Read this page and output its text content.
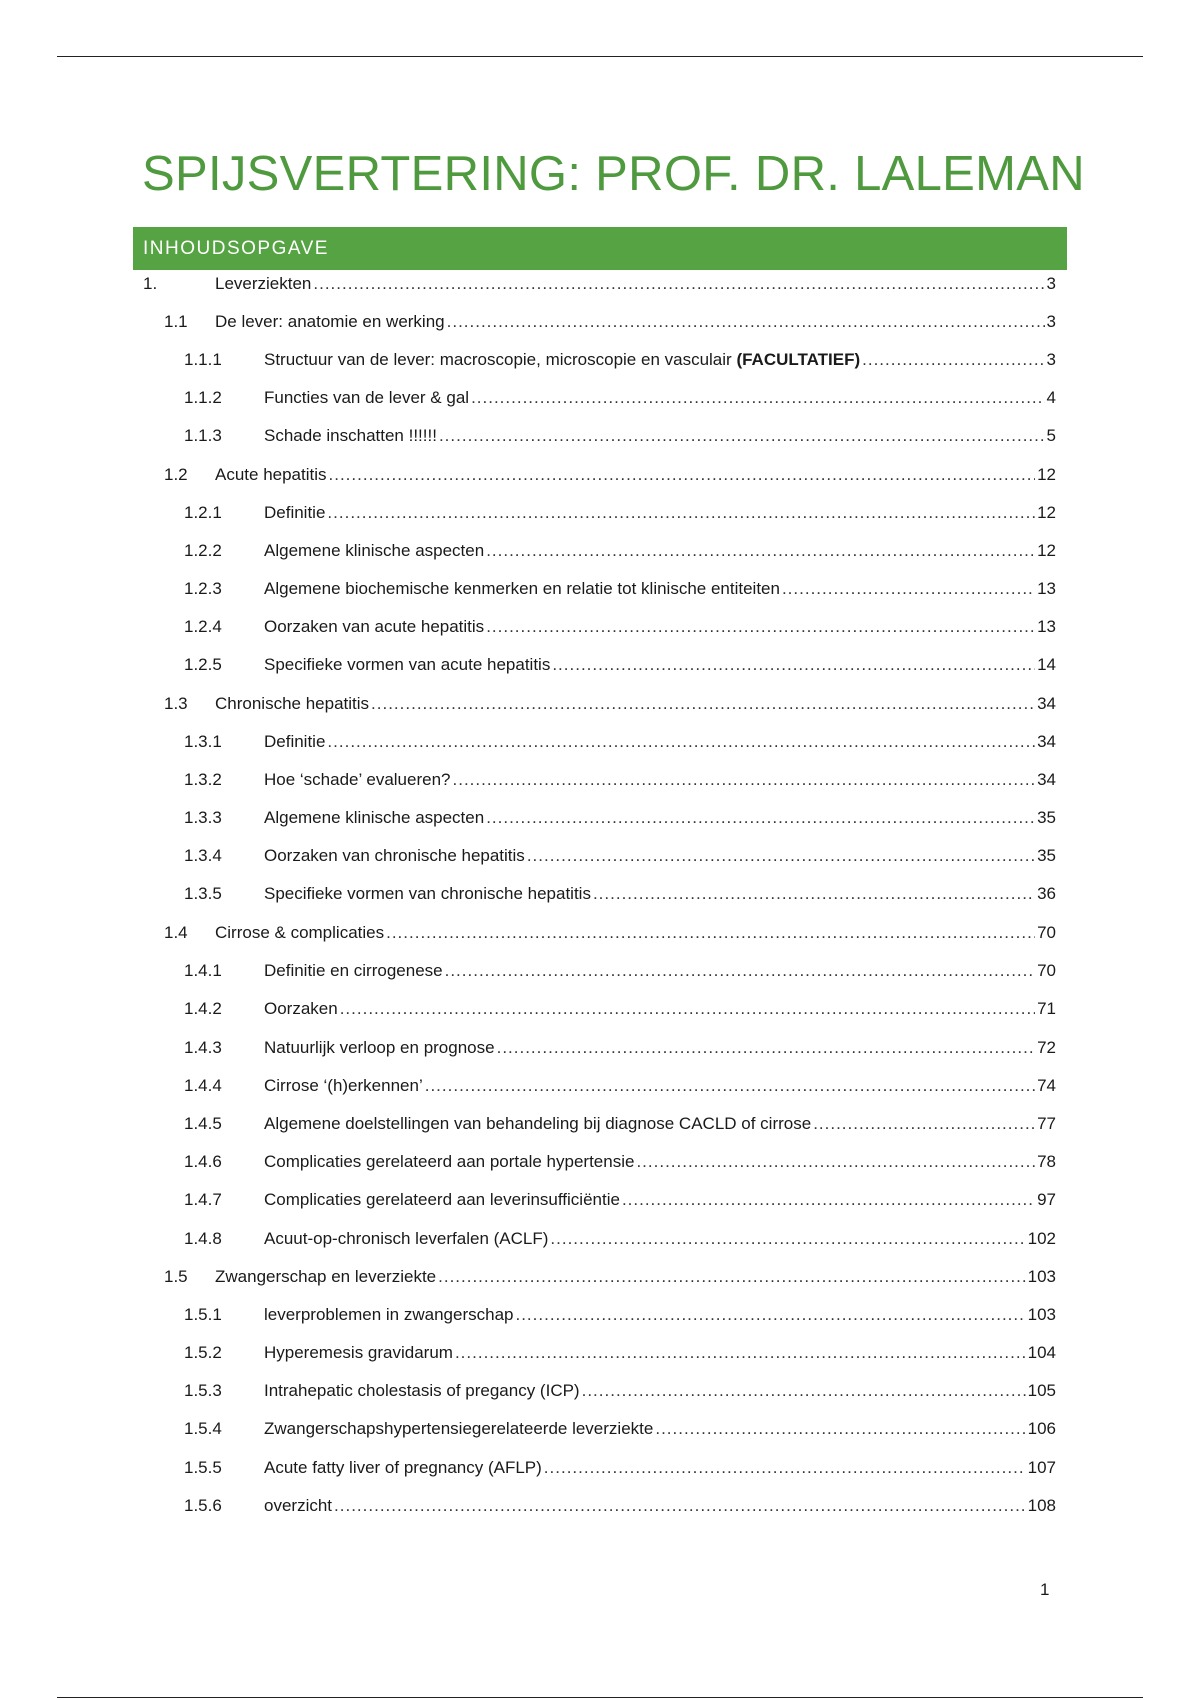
SPIJSVERTERING: PROF. DR. LALEMAN
INHOUDSOPGAVE
1.	Leverziekten .....	3
1.1 De lever: anatomie en werking .....	3
1.1.1 Structuur van de lever: macroscopie, microscopie en vasculair (FACULTATIEF) .....	3
1.1.2 Functies van de lever & gal .....	4
1.1.3 Schade inschatten !!!!!! .....	5
1.2 Acute hepatitis .....	12
1.2.1 Definitie .....	12
1.2.2 Algemene klinische aspecten .....	12
1.2.3 Algemene biochemische kenmerken en relatie tot klinische entiteiten .....	13
1.2.4 Oorzaken van acute hepatitis .....	13
1.2.5 Specifieke vormen van acute hepatitis .....	14
1.3 Chronische hepatitis .....	34
1.3.1 Definitie .....	34
1.3.2 Hoe ‘schade’ evalueren? .....	34
1.3.3 Algemene klinische aspecten .....	35
1.3.4 Oorzaken van chronische hepatitis .....	35
1.3.5 Specifieke vormen van chronische hepatitis .....	36
1.4 Cirrose & complicaties .....	70
1.4.1 Definitie en cirrogenese .....	70
1.4.2 Oorzaken .....	71
1.4.3 Natuurlijk verloop en prognose .....	72
1.4.4 Cirrose ‘(h)erkennen’ .....	74
1.4.5 Algemene doelstellingen van behandeling bij diagnose CACLD of cirrose .....	77
1.4.6 Complicaties gerelateerd aan portale hypertensie .....	78
1.4.7 Complicaties gerelateerd aan leverinsufficiëntie .....	97
1.4.8 Acuut-op-chronisch leverfalen (ACLF) .....	102
1.5 Zwangerschap en leverziekte .....	103
1.5.1 leverproblemen in zwangerschap .....	103
1.5.2 Hyperemesis gravidarum .....	104
1.5.3 Intrahepatic cholestasis of pregancy (ICP) .....	105
1.5.4 Zwangerschapshypertensiegerelateerde leverziekte .....	106
1.5.5 Acute fatty liver of pregnancy (AFLP) .....	107
1.5.6 overzicht .....	108
1
